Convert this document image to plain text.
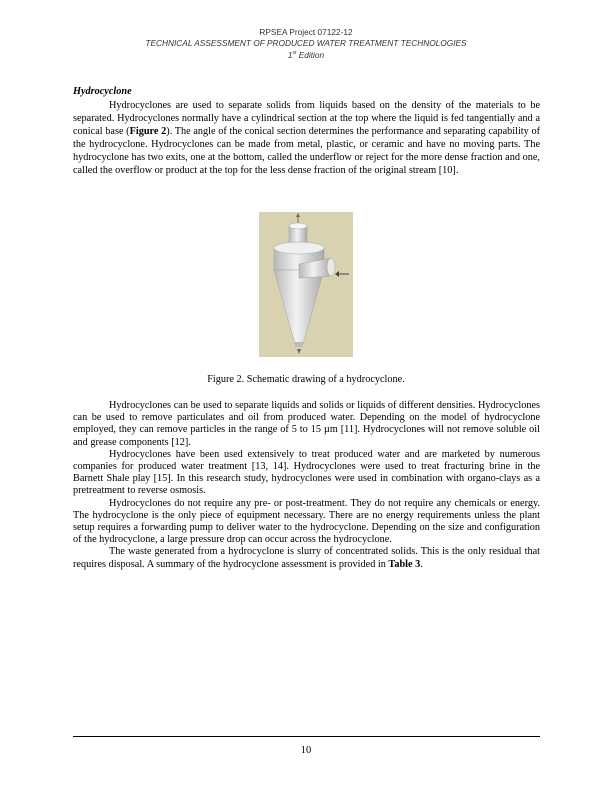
RPSEA Project 07122-12
TECHNICAL ASSESSMENT OF PRODUCED WATER TREATMENT TECHNOLOGIES
1st Edition
Hydrocyclone

Hydrocyclones are used to separate solids from liquids based on the density of the materials to be separated. Hydrocyclones normally have a cylindrical section at the top where the liquid is fed tangentially and a conical base (Figure 2). The angle of the conical section determines the performance and separating capability of the hydrocyclone. Hydrocyclones can be made from metal, plastic, or ceramic and have no moving parts. The hydrocyclone has two exits, one at the bottom, called the underflow or reject for the more dense fraction and one, called the overflow or product at the top for the less dense fraction of the original stream [10].

Figure 2. Schematic drawing of a hydrocyclone.

Hydrocyclones can be used to separate liquids and solids or liquids of different densities. Hydrocyclones can be used to remove particulates and oil from produced water. Depending on the model of hydrocyclone employed, they can remove particles in the range of 5 to 15 µm [11]. Hydrocyclones will not remove soluble oil and grease components [12].

Hydrocyclones have been used extensively to treat produced water and are marketed by numerous companies for produced water treatment [13, 14]. Hydrocyclones were used to treat fracturing brine in the Barnett Shale play [15]. In this research study, hydrocyclones were used in combination with organo-clays as a pretreatment to reverse osmosis.

Hydrocyclones do not require any pre- or post-treatment. They do not require any chemicals or energy. The hydrocyclone is the only piece of equipment necessary. There are no energy requirements unless the plant setup requires a forwarding pump to deliver water to the hydrocyclone. Depending on the size and configuration of the hydrocyclone, a large pressure drop can occur across the hydrocyclone.

The waste generated from a hydrocyclone is slurry of concentrated solids. This is the only residual that requires disposal. A summary of the hydrocyclone assessment is provided in Table 3.

10
